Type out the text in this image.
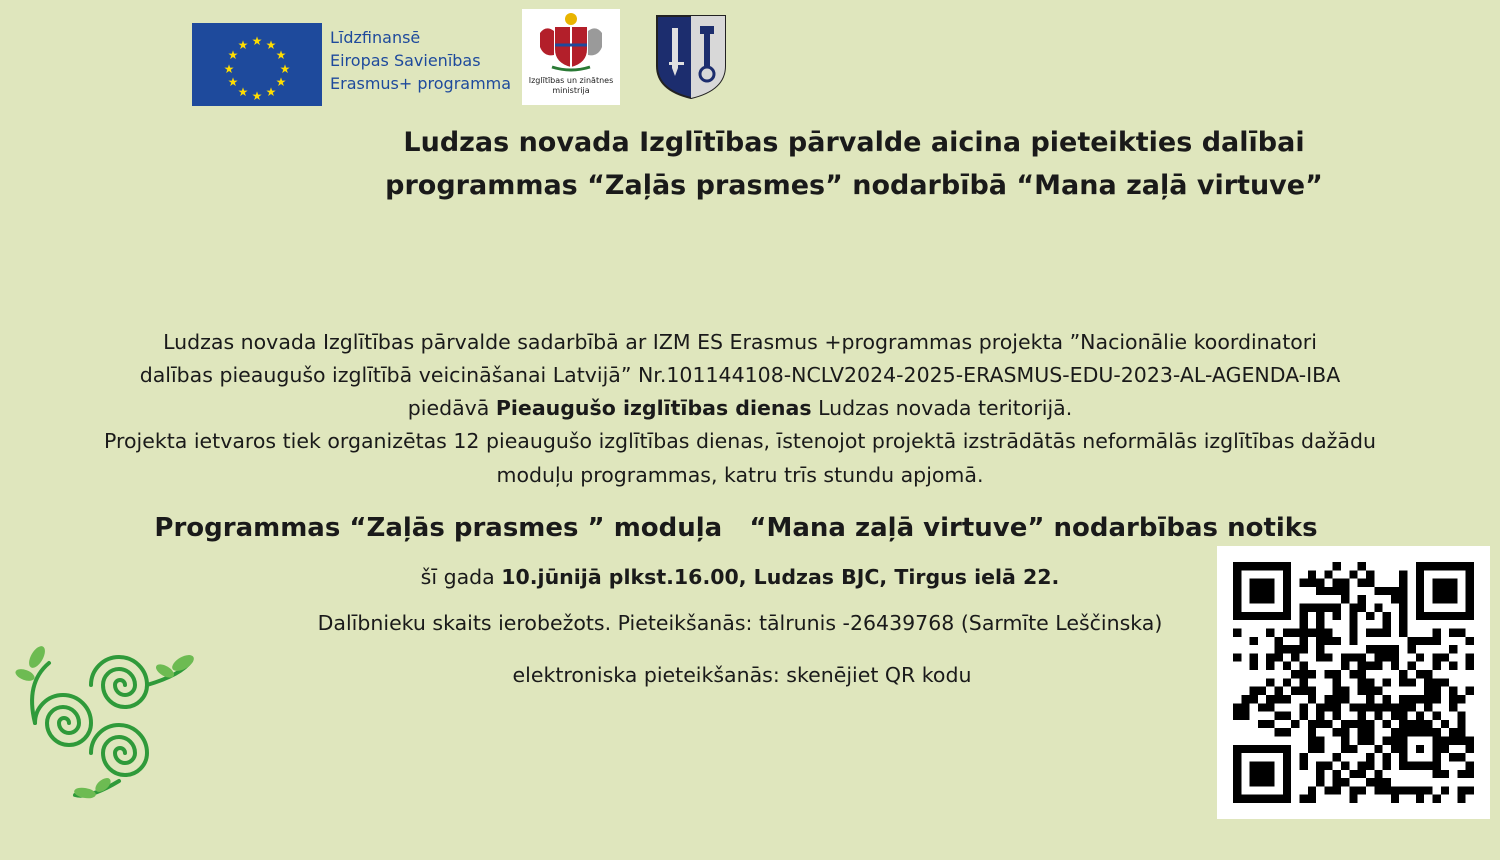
★ ★
★
★
★
★
★
★
★
★
★
★	Līdzfinansē
Eiropas Savienības
Erasmus+ programma	Izglītības un zinātnes
ministrija
Ludzas novada Izglītības pārvalde aicina pieteikties dalībai
programmas “Zaļās prasmes” nodarbībā “Mana zaļā virtuve”
Ludzas novada Izglītības pārvalde sadarbībā ar IZM ES Erasmus +programmas projekta ”Nacionālie koordinatori
dalības pieaugušo izglītībā veicināšanai Latvijā” Nr.101144108-NCLV2024-2025-ERASMUS-EDU-2023-AL-AGENDA-IBA
piedāvā Pieaugušo izglītības dienas Ludzas novada teritorijā.
Projekta ietvaros tiek organizētas 12 pieaugušo izglītības dienas, īstenojot projektā izstrādātās neformālās izglītības dažādu
moduļu programmas, katru trīs stundu apjomā.
Programmas “Zaļās prasmes ” moduļa   “Mana zaļā virtuve” nodarbības notiks
šī gada 10.jūnijā plkst.16.00, Ludzas BJC, Tirgus ielā 22.
Dalībnieku skaits ierobežots. Pieteikšanās: tālrunis -26439768 (Sarmīte Leščinska)
elektroniska pieteikšanās: skenējiet QR kodu
